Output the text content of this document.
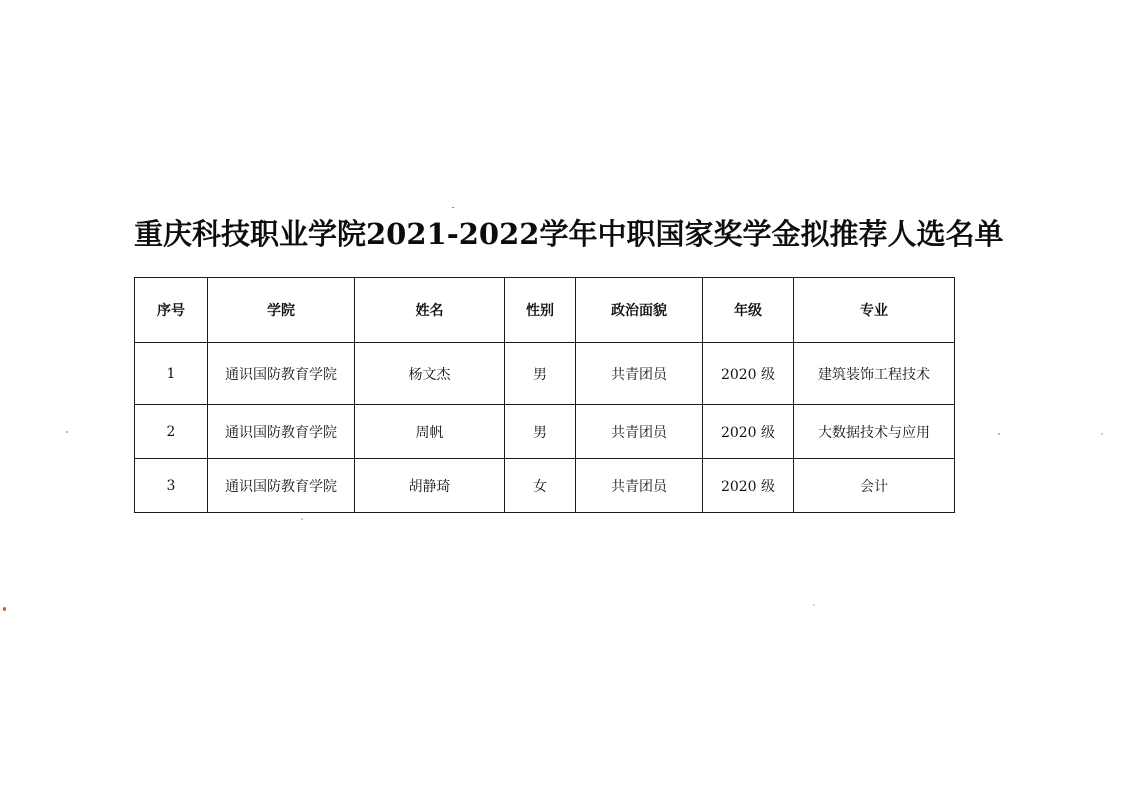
重庆科技职业学院2021-2022学年中职国家奖学金拟推荐人选名单
序号	学院	姓名	性别	政治面貌	年级	专业
1	通识国防教育学院	杨文杰	男	共青团员	2020 级	建筑装饰工程技术
2	通识国防教育学院	周帆	男	共青团员	2020 级	大数据技术与应用
3	通识国防教育学院	胡静琦	女	共青团员	2020 级	会计
